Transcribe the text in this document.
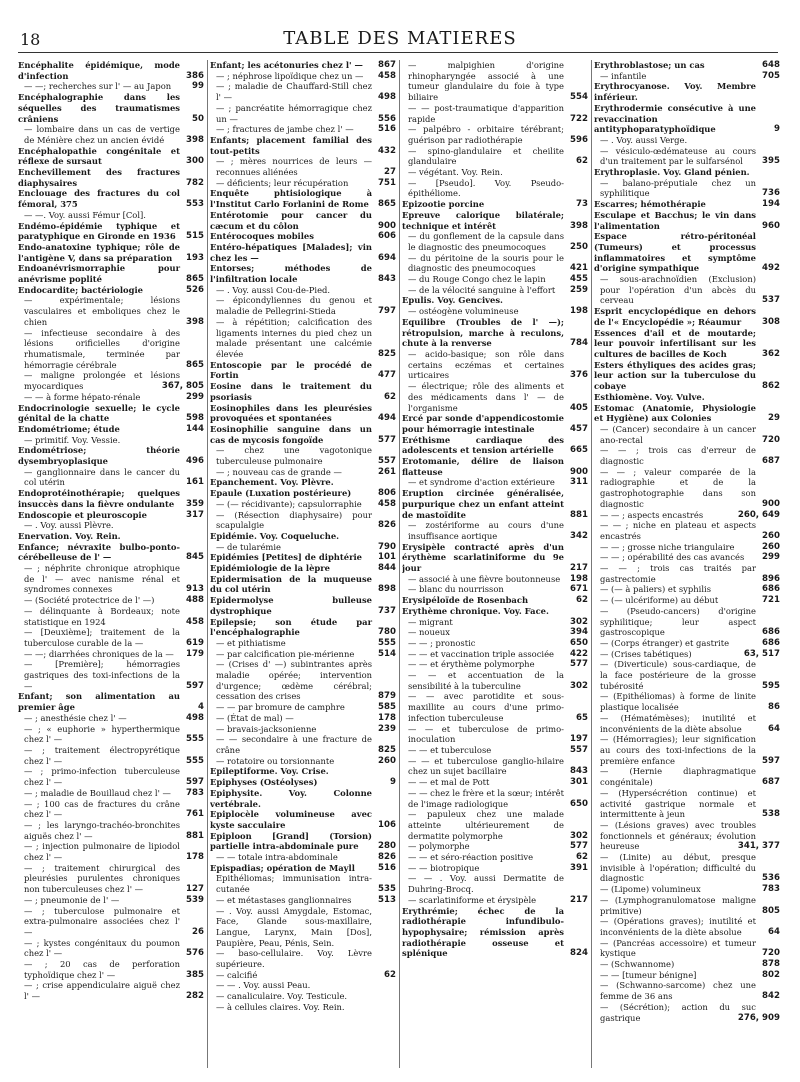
18	TABLE DES MATIERES
Encéphalite épidémique, mode d'infection	386
— —; recherches sur l' — au Japon 99
Encéphalographie dans les séquelles des traumatismes crâniens	50
— lombaire dans un cas de vertige de Ménière chez un ancien évidé	398
Encéphalopathie congénitale et réflexe de sursaut	300
Enchevillement des fractures diaphysaires	782
Enclouage des fractures du col fémoral, 375	553
— —. Voy. aussi Fémur [Col].
Endémo-épidémie typhique et paratyphique en Gironde en 1936 515
Endo-anatoxine typhique; rôle de l'antigène V, dans sa préparation 193
Endoanévrismorraphie pour anévrisme poplité	865
Endocardite; bactériologie	526
— expérimentale; lésions vasculaires et emboliques chez le chien	398
— infectieuse secondaire à des lésions orificielles d'origine rhumatismale, terminée par hémorragie cérébrale	865
— maligne prolongée et lésions myocardiques	367, 805
— — à forme hépato-rénale	299
Endocrinologie sexuelle; le cycle génital de la chatte	598
Endométriome; étude	144
— primitif. Voy. Vessie.
Endométriose; théorie dysembryoplasique	496
— ganglionnaire dans le cancer du col utérin	161
Endoprotéinothérapie; quelques insuccès dans la fièvre ondulante 359
Endoscopie et pleuroscopie	317
— . Voy. aussi Plèvre.
Enervation. Voy. Rein.
Enfance; névraxite bulbo-ponto-cérébelleuse de l' —	845
— ; néphrite chronique atrophique de l' — avec nanisme rénal et syndromes connexes	913
— (Société protectrice de l' —)	488
— délinquante à Bordeaux; note statistique en 1924	458
— [Deuxième]; traitement de la tuberculose curable de la —	619
— —; diarrhées chroniques de la — 179
— [Première]; hémorragies gastriques des toxi-infections de la —	597
Enfant; son alimentation au premier âge	4
— ; anesthésie chez l' —	498
— ; « euphorie » hyperthermique chez l' —	555
— ; traitement électropyrétique chez l' —	555
— ; primo-infection tuberculeuse chez l' —	597
— ; maladie de Bouillaud chez l' — 783
— ; 100 cas de fractures du crâne chez l' —	761
— ; les laryngo-trachéo-bronchites aiguës chez l' —	881
— ; injection pulmonaire de lipiodol chez l' —	178
— ; traitement chirurgical des pleurésies purulentes chroniques non tuberculeuses chez l' —	127
— ; pneumonie de l' —	539
— ; tuberculose pulmonaire et extra-pulmonaire associées chez l' —	26
— ; kystes congénitaux du poumon chez l' —	576
— ; 20 cas de perforation typhoïdique chez l' —	385
— ; crise appendiculaire aiguë chez l' —	282
Enfant; les acétonuries chez l' — 867
— ; néphrose lipoïdique chez un — 458
— ; maladie de Chauffard-Still chez l' —	498
— ; pancréatite hémorragique chez un —	556
— ; fractures de jambe chez l' —	516
Enfants; placement familial des tout-petits	432
— ; mères nourrices de leurs — reconnues aliénées	27
— déficients; leur récupération	751
Enquête phtisiologique à l'Institut Carlo Forlanini de Rome 865
Entérotomie pour cancer du cæcum et du côlon	900
Entérocoques mobiles	606
Entéro-hépatiques [Malades]; vin chez les —	694
Entorses; méthodes de l'infiltration locale	843
— . Voy. aussi Cou-de-Pied.
— épicondyliennes du genou et maladie de Pellegrini-Stieda	797
— à répétition; calcification des ligaments internes du pied chez un malade présentant une calcémie élevée	825
Entoscopie par le procédé de Fortin	477
Eosine dans le traitement du psoriasis	62
Eosinophiles dans les pleurésies provoquées et spontanées	494
Eosinophilie sanguine dans un cas de mycosis fongoïde	577
— chez une vagotonique tuberculeuse pulmonaire	557
— ; nouveau cas de grande —	261
Epanchement. Voy. Plèvre.
Epaule (Luxation postérieure)	806
— (— récidivante); capsulorraphie 458
— (Résection diaphysaire) pour scapulalgie	826
Epidémie. Voy. Coqueluche.
— de tularémie	790
Epidémies [Petites] de diphtérie 101
Epidémiologie de la lèpre	844
Epidermisation de la muqueuse du col utérin	898
Epidermolyse bulleuse dystrophique	737
Epilepsie; son étude par l'encéphalographie	780
— et pithiatisme	555
— par calcification pie-mérienne	514
— (Crises d' —) subintrantes après maladie opérée; intervention d'urgence; œdème cérébral; cessation des crises	879
— — par bromure de camphre	585
— (État de mal) —	178
— bravais-jacksonienne	239
— — secondaire à une fracture de crâne	825
— rotatoire ou torsionnante	260
Epileptiforme. Voy. Crise.
Epiphyses (Ostéolyses)	9
Epiphysite. Voy. Colonne vertébrale.
Epiplocèle volumineuse avec kyste sacculaire	106
Epiploon [Grand] (Torsion) partielle intra-abdominale pure 280
— — totale intra-abdominale	826
Epispadias; opération de Mayll	516
Epithéliomas; immunisation intra-cutanée	535
— et métastases ganglionnaires	513
— . Voy. aussi Amygdale, Estomac, Face, Glande sous-maxillaire, Langue, Larynx, Main [Dos], Paupière, Peau, Pénis, Sein.
— baso-cellulaire. Voy. Lèvre supérieure.
— calcifié	62
— — . Voy. aussi Peau.
— canaliculaire. Voy. Testicule.
— à cellules claires. Voy. Rein.
— malpighien d'origine rhinopharyngée associé à une tumeur glandulaire du foie à type biliaire	554
— — post-traumatique d'apparition rapide	722
— palpébro - orbitaire térébrant; guérison par radiothérapie	596
— spino-glandulaire et cheilite glandulaire	62
— végétant. Voy. Rein.
— [Pseudo]. Voy. Pseudo-épithéliome.
Epizootie porcine	73
Epreuve calorique bilatérale; technique et intérêt	398
— du gonflement de la capsule dans le diagnostic des pneumocoques	250
— du péritoine de la souris pour le diagnostic des pneumocoques	421
— du Rouge Congo chez le lapin	455
— de la vélocité sanguine à l'effort 259
Epulis. Voy. Gencives.
— ostéogène volumineuse	198
Equilibre (Troubles de l' —); rétropulsion, marche à reculons, chute à la renverse	784
— acido-basique; son rôle dans certains eczémas et certaines urticaires	376
— électrique; rôle des aliments et des médicaments dans l' — de l'organisme	405
Ercé par sonde d'appendicostomie pour hémorragie intestinale	457
Eréthisme cardiaque des adolescents et tension artérielle 665
Erotomanie, délire de liaison flatteuse	900
— et syndrome d'action extérieure 311
Eruption circinée généralisée, purpurique chez un enfant atteint de mastoïdite	881
— zostériforme au cours d'une insuffisance aortique	342
Erysipèle contracté après d'un érythème scarlatiniforme du 9e jour	217
— associé à une fièvre boutonneuse 198
— blanc du nourrisson	671
Erysipéloïde de Rosenbach	62
Erythème chronique. Voy. Face.
— migrant	302
— noueux	394
— — ; pronostic	650
— — et vaccination triple associée 422
— — et érythème polymorphe	577
— — et accentuation de la sensibilité à la tuberculine	302
— — avec parotidite et sous-maxillite au cours d'une primo-infection tuberculeuse	65
— — et tuberculose de primo-inoculation	197
— — et tuberculose	557
— — et tuberculose ganglio-hilaire chez un sujet bacillaire	843
— — et mal de Pott	301
— — chez le frère et la sœur; intérêt de l'image radiologique	650
— papuleux chez une malade atteinte ultérieurement de dermatite polymorphe	302
— polymorphe	577
— — et séro-réaction positive	62
— — biotropique	391
— — . Voy. aussi Dermatite de Duhring-Brocq.
— scarlatiniforme et érysipèle	217
Erythrémie; échec de la radiothérapie infundibulo-hypophysaire; rémission après radiothérapie osseuse et splénique	824
Erythroblastose; un cas	648
— infantile	705
Erythrocyanose. Voy. Membre inférieur.
Erythrodermie consécutive à une revaccination antityphoparatyphoïdique	9
— . Voy. aussi Verge.
— vésiculo-œdémateuse au cours d'un traitement par le sulfarsénol 395
Erythroplasie. Voy. Gland pénien.
— balano-préputiale chez un syphilitique	736
Escarres; hémothérapie	194
Esculape et Bacchus; le vin dans l'alimentation	960
Espace rétro-péritonéal (Tumeurs) et processus inflammatoires et symptôme d'origine sympathique	492
— sous-arachnoïdien (Exclusion) pour l'opération d'un abcès du cerveau	537
Esprit encyclopédique en dehors de l'« Encyclopédie »; Réaumur 308
Essences d'ail et de moutarde; leur pouvoir infertilisant sur les cultures de bacilles de Koch	362
Esters éthyliques des acides gras; leur action sur la tuberculose du cobaye	862
Esthiomène. Voy. Vulve.
Estomac (Anatomie, Physiologie et Hygiène) aux Colonies	29
— (Cancer) secondaire à un cancer ano-rectal	720
— — ; trois cas d'erreur de diagnostic	687
— — ; valeur comparée de la radiographie et de la gastrophotographie dans son diagnostic	900
— — ; aspects encastrés	260, 649
— — ; niche en plateau et aspects encastrés	260
— — ; grosse niche triangulaire	260
— — ; opérabilité des cas avancés 299
— — ; trois cas traités par gastrectomie	896
— (— à paliers) et syphilis	686
— (— ulcériforme) au début	721
— (Pseudo-cancers) d'origine syphilitique; leur aspect gastroscopique	686
— (Corps étranger) et gastrite	686
— (Crises tabétiques)	63, 517
— (Diverticule) sous-cardiaque, de la face postérieure de la grosse tubérosité	595
— (Epithéliomas) à forme de linite plastique localisée	86
— (Hématémèses); inutilité et inconvénients de la diète absolue	64
— (Hémorragies); leur signification au cours des toxi-infections de la première enfance	597
— (Hernie diaphragmatique congénitale)	687
— (Hypersécrétion continue) et activité gastrique normale et intermittente à jeun	538
— (Lésions graves) avec troubles fonctionnels et généraux; évolution heureuse	341, 377
— (Linite) au début, presque invisible à l'opération; difficulté du diagnostic	536
— (Lipome) volumineux	783
— (Lymphogranulomatose maligne primitive)	805
— (Opérations graves); inutilité et inconvénients de la diète absolue	64
— (Pancréas accessoire) et tumeur kystique	720
— (Schwannome)	878
— — [tumeur bénigne]	802
— (Schwanno-sarcome) chez une femme de 36 ans	842
— (Sécrétion); action du suc gastrique	276, 909
